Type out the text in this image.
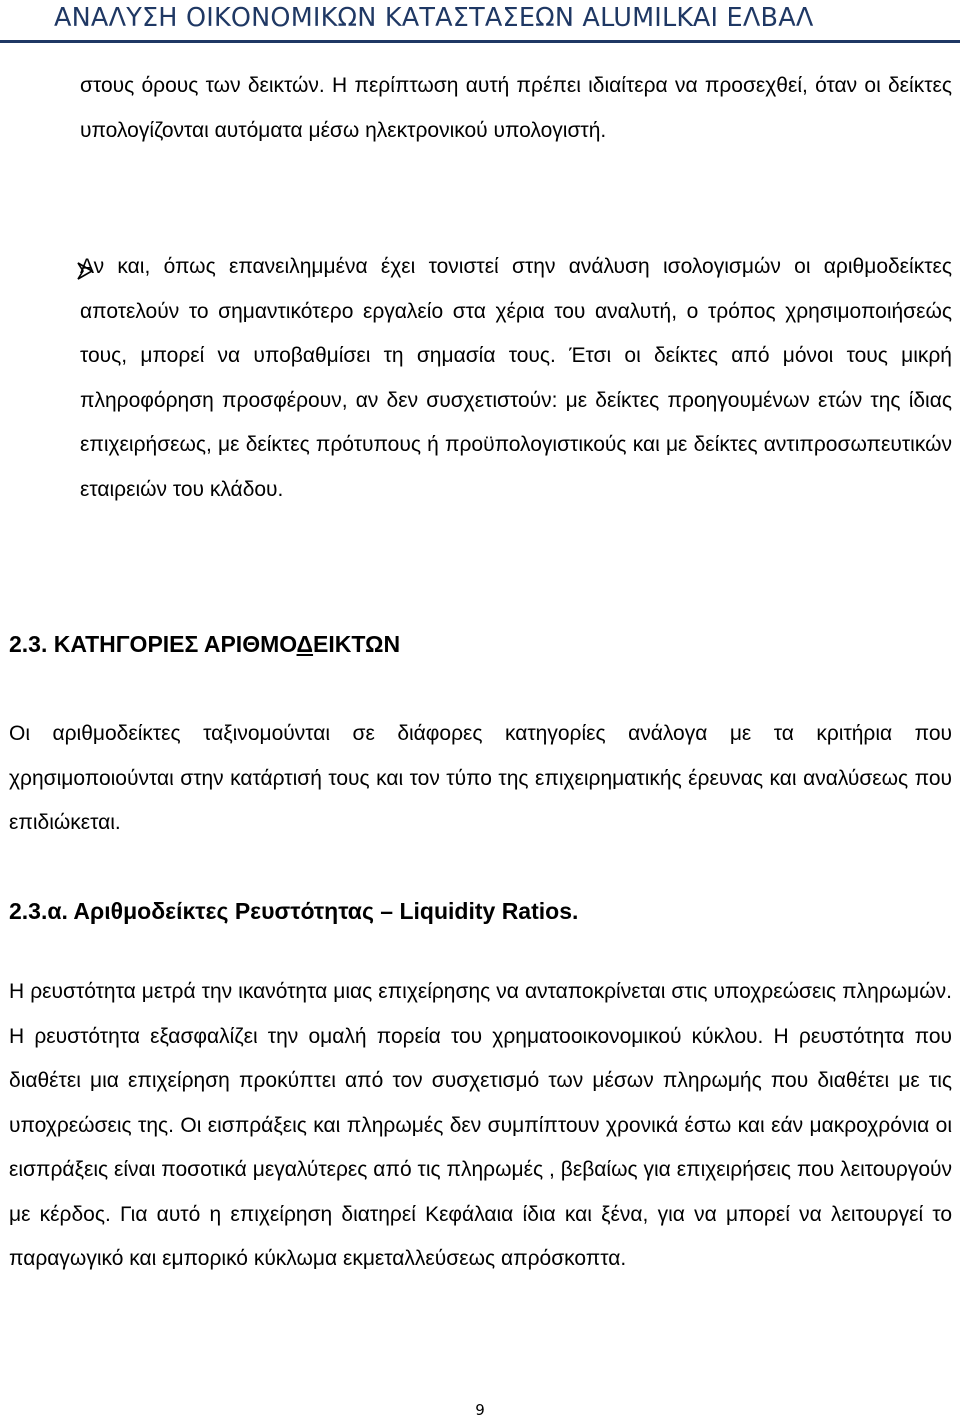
ΑΝΑΛΥΣΗ ΟΙΚΟΝΟΜΙΚΩΝ ΚΑΤΑΣΤΑΣΕΩΝ ALUMILKAI ΕΛΒΑΛ
στους όρους των δεικτών. Η περίπτωση αυτή πρέπει ιδιαίτερα να προσεχθεί, όταν οι δείκτες υπολογίζονται αυτόματα μέσω ηλεκτρονικού υπολογιστή.
Αν και, όπως επανειλημμένα έχει τονιστεί στην ανάλυση ισολογισμών οι αριθμοδείκτες αποτελούν το σημαντικότερο εργαλείο στα χέρια του αναλυτή, ο τρόπος χρησιμοποιήσεώς τους, μπορεί να υποβαθμίσει τη σημασία τους. Έτσι οι δείκτες από μόνοι τους μικρή πληροφόρηση προσφέρουν, αν δεν συσχετιστούν: με δείκτες προηγουμένων ετών της ίδιας επιχειρήσεως, με δείκτες πρότυπους ή προϋπολογιστικούς και με δείκτες αντιπροσωπευτικών εταιρειών του κλάδου.
2.3. ΚΑΤΗΓΟΡΙΕΣ ΑΡΙΘΜΟΔΕΙΚΤΩΝ
Οι αριθμοδείκτες ταξινομούνται σε διάφορες κατηγορίες ανάλογα με τα κριτήρια που χρησιμοποιούνται στην κατάρτισή τους και τον τύπο της επιχειρηματικής έρευνας και αναλύσεως που επιδιώκεται.
2.3.α. Αριθμοδείκτες Ρευστότητας – Liquidity Ratios.
Η ρευστότητα μετρά την ικανότητα μιας επιχείρησης να ανταποκρίνεται στις υποχρεώσεις πληρωμών. Η ρευστότητα εξασφαλίζει την ομαλή πορεία του χρηματοοικονομικού κύκλου. Η ρευστότητα που διαθέτει μια επιχείρηση προκύπτει από τον συσχετισμό των μέσων πληρωμής που διαθέτει με τις υποχρεώσεις της. Οι εισπράξεις και πληρωμές δεν συμπίπτουν χρονικά έστω και εάν μακροχρόνια οι εισπράξεις είναι ποσοτικά μεγαλύτερες από τις πληρωμές , βεβαίως για επιχειρήσεις που λειτουργούν με κέρδος. Για αυτό η επιχείρηση διατηρεί Κεφάλαια ίδια και ξένα, για να μπορεί να λειτουργεί το παραγωγικό και εμπορικό κύκλωμα εκμεταλλεύσεως απρόσκοπτα.
9
